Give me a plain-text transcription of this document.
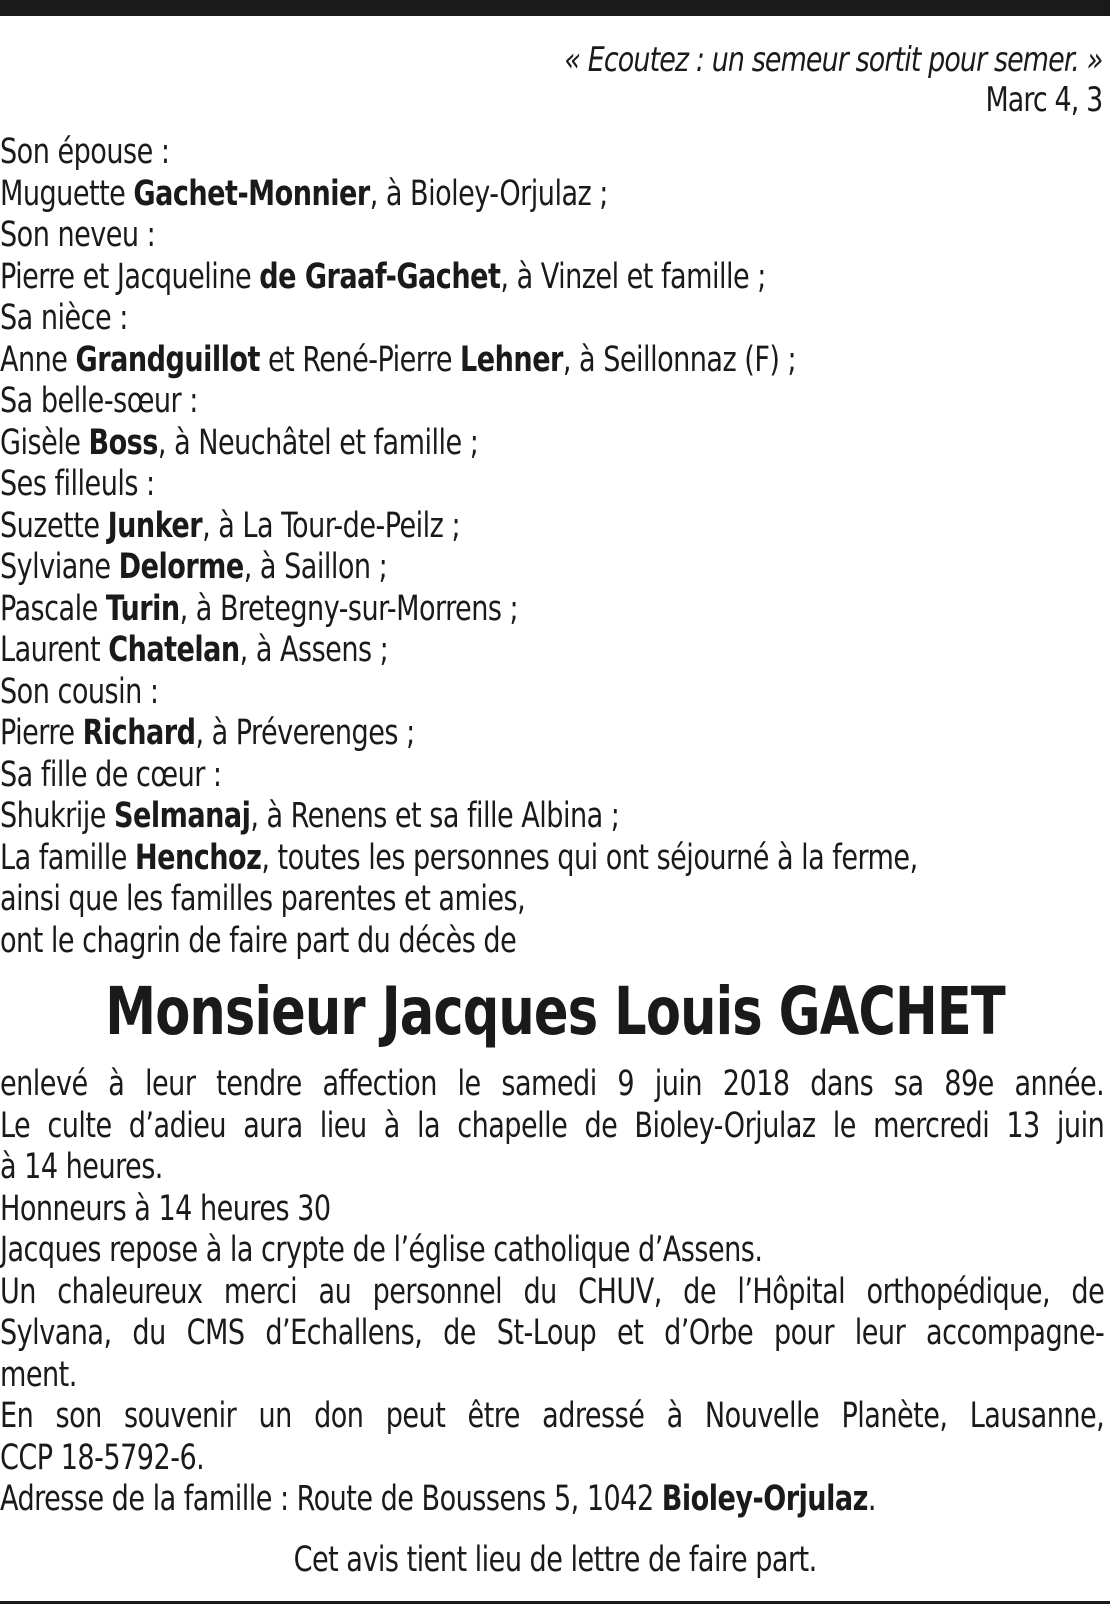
« Ecoutez : un semeur sortit pour semer. »
Marc 4, 3
Son épouse :
Muguette Gachet-Monnier, à Bioley-Orjulaz ;
Son neveu :
Pierre et Jacqueline de Graaf-Gachet, à Vinzel et famille ;
Sa nièce :
Anne Grandguillot et René-Pierre Lehner, à Seillonnaz (F) ;
Sa belle-sœur :
Gisèle Boss, à Neuchâtel et famille ;
Ses filleuls :
Suzette Junker, à La Tour-de-Peilz ;
Sylviane Delorme, à Saillon ;
Pascale Turin, à Bretegny-sur-Morrens ;
Laurent Chatelan, à Assens ;
Son cousin :
Pierre Richard, à Préverenges ;
Sa fille de cœur :
Shukrije Selmanaj, à Renens et sa fille Albina ;
La famille Henchoz, toutes les personnes qui ont séjourné à la ferme,
ainsi que les familles parentes et amies,
ont le chagrin de faire part du décès de
Monsieur Jacques Louis GACHET
enlevé à leur tendre affection le samedi 9 juin 2018 dans sa 89e année.
Le culte d’adieu aura lieu à la chapelle de Bioley-Orjulaz le mercredi 13 juin
à 14 heures.
Honneurs à 14 heures 30
Jacques repose à la crypte de l’église catholique d’Assens.
Un chaleureux merci au personnel du CHUV, de l’Hôpital orthopédique, de
Sylvana, du CMS d’Echallens, de St-Loup et d’Orbe pour leur accompagne-
ment.
En son souvenir un don peut être adressé à Nouvelle Planète, Lausanne,
CCP 18-5792-6.
Adresse de la famille : Route de Boussens 5, 1042 Bioley-Orjulaz.
Cet avis tient lieu de lettre de faire part.
